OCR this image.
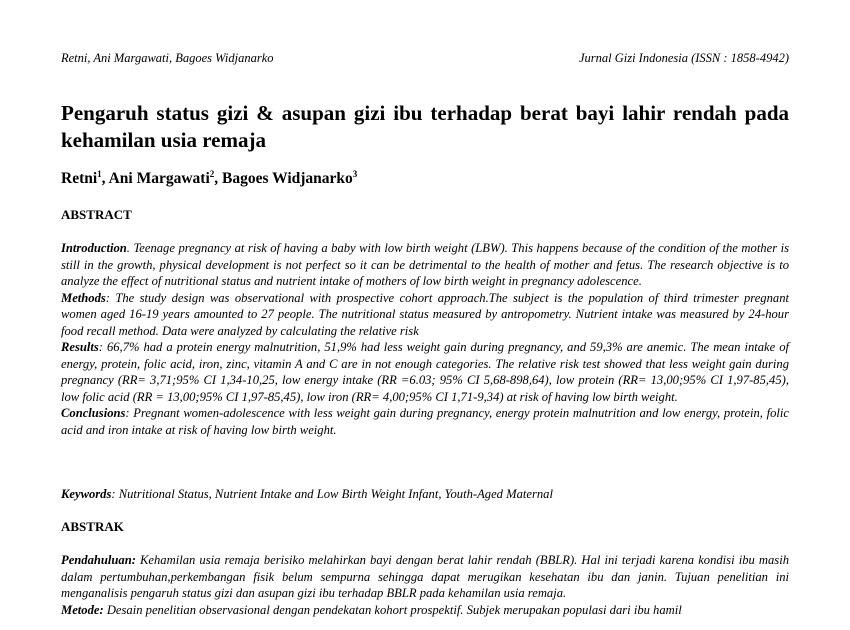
Retni, Ani Margawati, Bagoes Widjanarko	Jurnal Gizi Indonesia (ISSN : 1858-4942)
Pengaruh status gizi & asupan gizi ibu terhadap berat bayi lahir rendah pada kehamilan usia remaja
Retni$^1$, Ani Margawati$^2$, Bagoes Widjanarko$^3$
ABSTRACT

Introduction. Teenage pregnancy at risk of having a baby with low birth weight (LBW). This happens because of the condition of the mother is still in the growth, physical development is not perfect so it can be detrimental to the health of mother and fetus. The research objective is to analyze the effect of nutritional status and nutrient intake of mothers of low birth weight in pregnancy adolescence.

Methods: The study design was observational with prospective cohort approach.The subject is the population of third trimester pregnant women aged 16-19 years amounted to 27 people. The nutritional status measured by antropometry. Nutrient intake was measured by 24-hour food recall method. Data were analyzed by calculating the relative risk

Results: 66,7% had a protein energy malnutrition, 51,9% had less weight gain during pregnancy, and 59,3% are anemic. The mean intake of energy, protein, folic acid, iron, zinc, vitamin A and C are in not enough categories. The relative risk test showed that less weight gain during pregnancy (RR= 3,71;95% CI 1,34-10,25, low energy intake (RR =6.03; 95% CI 5,68-898,64), low protein (RR= 13,00;95% CI 1,97-85,45), low folic acid (RR = 13,00;95% CI 1,97-85,45), low iron (RR= 4,00;95% CI 1,71-9,34) at risk of having low birth weight.

Conclusions: Pregnant women-adolescence with less weight gain during pregnancy, energy protein malnutrition and low energy, protein, folic acid and iron intake at risk of having low birth weight.

Keywords: Nutritional Status, Nutrient Intake and Low Birth Weight Infant, Youth-Aged Maternal

ABSTRAK

Pendahuluan: Kehamilan usia remaja berisiko melahirkan bayi dengan berat lahir rendah (BBLR). Hal ini terjadi karena kondisi ibu masih dalam pertumbuhan,perkembangan fisik belum sempurna sehingga dapat merugikan kesehatan ibu dan janin. Tujuan penelitian ini menganalisis pengaruh status gizi dan asupan gizi ibu terhadap BBLR pada kehamilan usia remaja.

Metode: Desain penelitian observasional dengan pendekatan kohort prospektif. Subjek merupakan populasi dari ibu hamil
